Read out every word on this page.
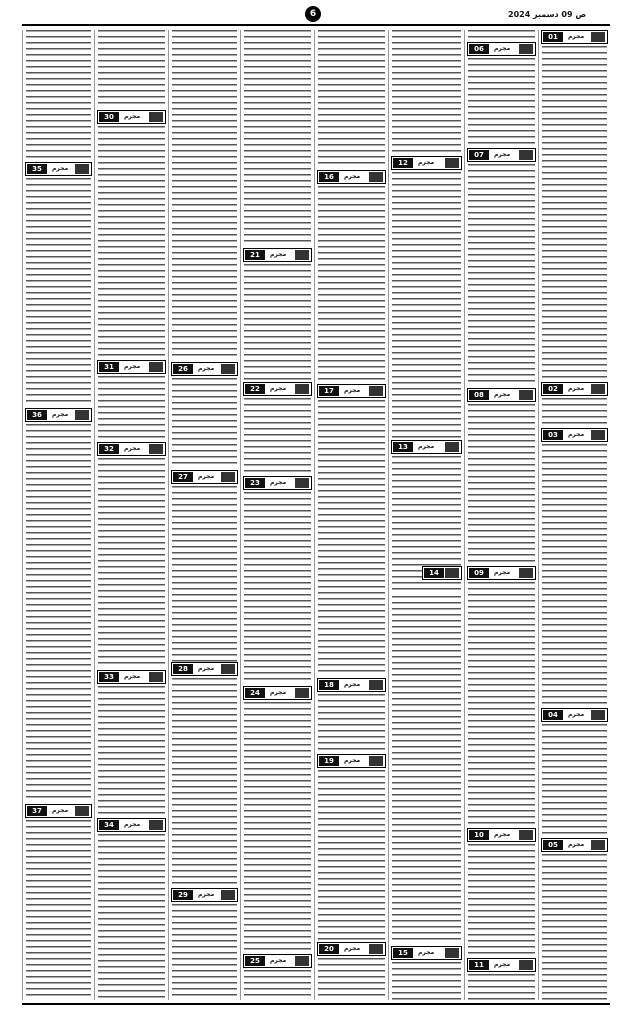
ص 09 دسمبر 2024
6
01	مجرم
02	مجرم
03	مجرم
04	مجرم
05	مجرم
06	مجرم
07	مجرم
08	مجرم
09	مجرم
10	مجرم
11	مجرم
12	مجرم
13	مجرم
14
15	مجرم
16	مجرم
17	مجرم
18	مجرم
19	مجرم
20	مجرم
21	مجرم
22	مجرم
23	مجرم
24	مجرم
25	مجرم
26	مجرم
27	مجرم
28	مجرم
29	مجرم
30	مجرم
31	مجرم
32	مجرم
33	مجرم
34	مجرم
35	مجرم
36	مجرم
37	مجرم
